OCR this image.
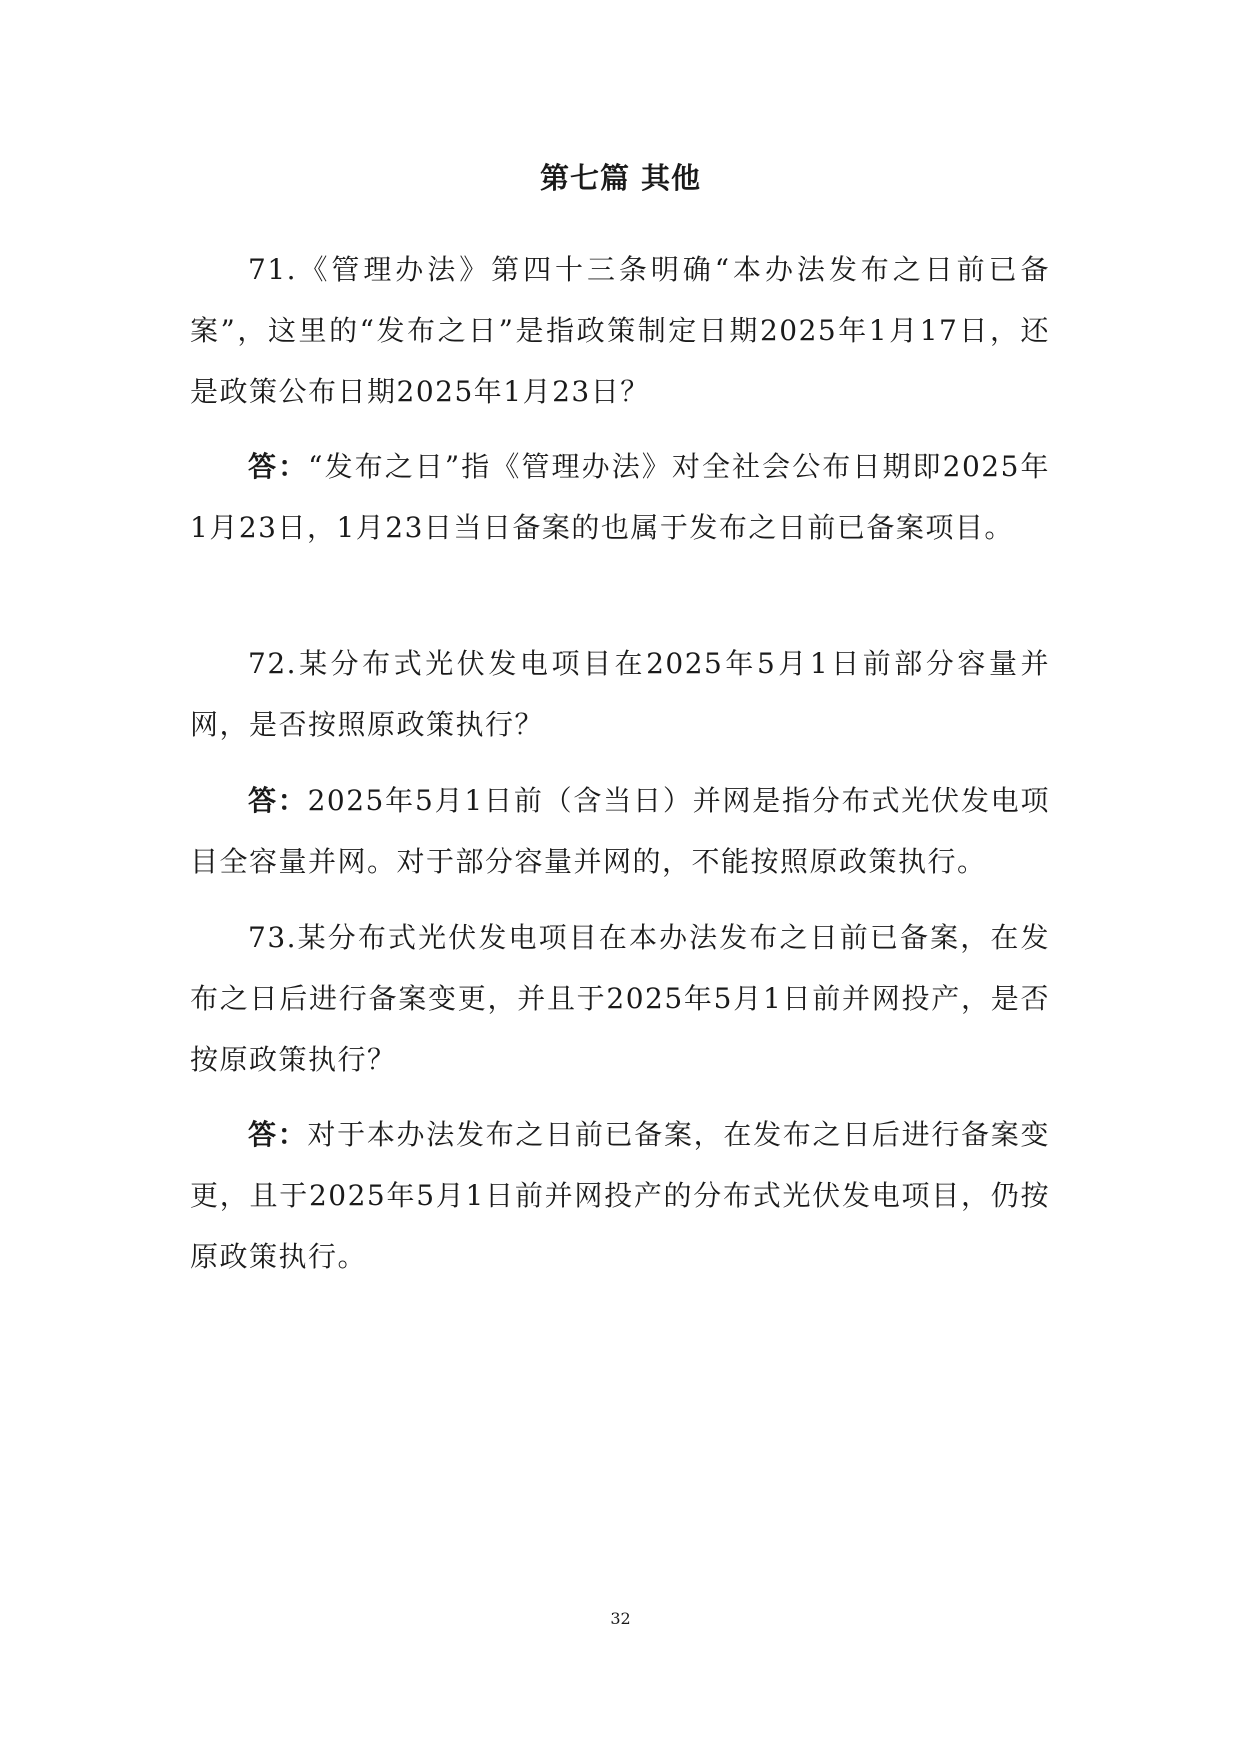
第七篇 其他

71.《管理办法》第四十三条明确“本办法发布之日前已备案”，这里的“发布之日”是指政策制定日期2025年1月17日，还是政策公布日期2025年1月23日？

答：“发布之日”指《管理办法》对全社会公布日期即2025年1月23日，1月23日当日备案的也属于发布之日前已备案项目。

72.某分布式光伏发电项目在2025年5月1日前部分容量并网，是否按照原政策执行？

答：2025年5月1日前（含当日）并网是指分布式光伏发电项目全容量并网。对于部分容量并网的，不能按照原政策执行。

73.某分布式光伏发电项目在本办法发布之日前已备案，在发布之日后进行备案变更，并且于2025年5月1日前并网投产，是否按原政策执行？

答：对于本办法发布之日前已备案，在发布之日后进行备案变更，且于2025年5月1日前并网投产的分布式光伏发电项目，仍按原政策执行。

32
